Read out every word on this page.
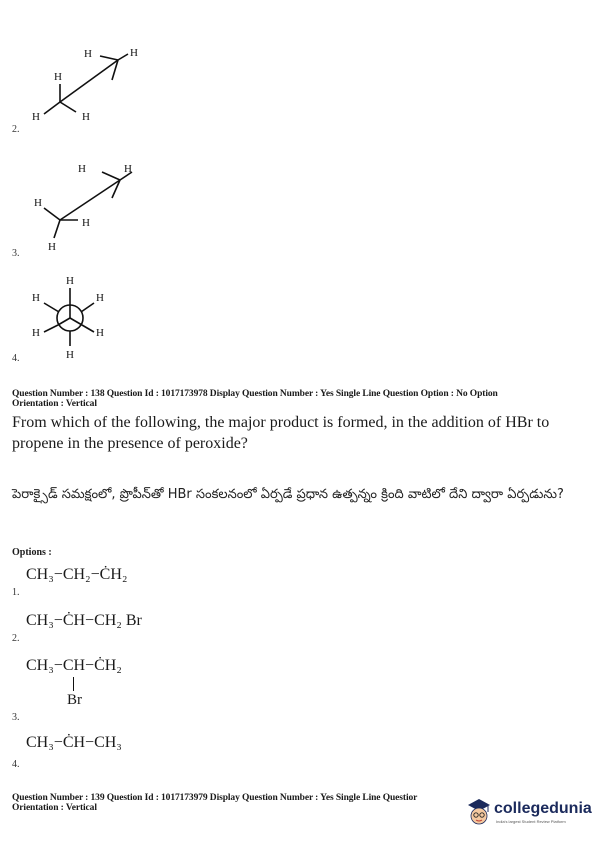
H
H	H
H	H
2.
H
H
H
H	H
3.
H
H	H
H	H
H
4.
Question Number : 138 Question Id : 1017173978 Display Question Number : Yes Single Line Question Option : No Option
Orientation : Vertical
From which of the following, the major product is formed, in the addition of HBr to propene in the presence of peroxide?
పెరాక్సైడ్ సమక్షంలో, ప్రొపీన్‌తో HBr సంకలనంలో ఏర్పడే ప్రధాన ఉత్పన్నం క్రింది వాటిలో దేని ద్వారా ఏర్పడును?
Options :
CH₃−CH₂−ĊH₂
1.
CH₃−ĊH−CH₂ Br
2.
CH₃−CH−ĊH₂
Br
3.
CH₃−ĊH−CH₃
4.
Question Number : 139 Question Id : 1017173979 Display Question Number : Yes Single Line Questior
Orientation : Vertical	collegedunia
India's largest Student Review Platform
